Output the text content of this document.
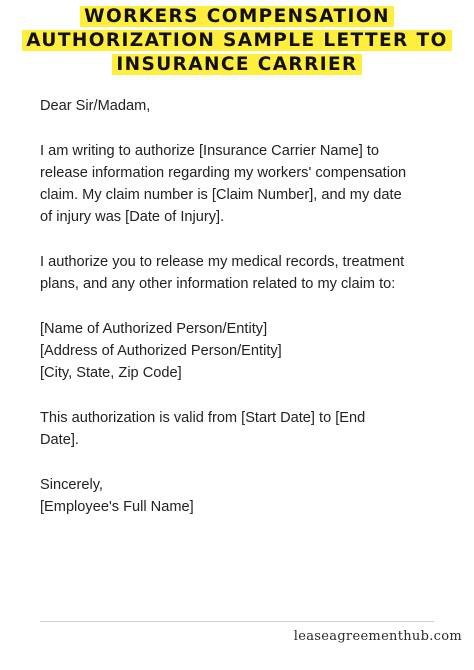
WORKERS COMPENSATION
AUTHORIZATION SAMPLE LETTER TO
INSURANCE CARRIER

Dear Sir/Madam,

I am writing to authorize [Insurance Carrier Name] to
release information regarding my workers' compensation
claim. My claim number is [Claim Number], and my date
of injury was [Date of Injury].

I authorize you to release my medical records, treatment
plans, and any other information related to my claim to:

[Name of Authorized Person/Entity]
[Address of Authorized Person/Entity]
[City, State, Zip Code]

This authorization is valid from [Start Date] to [End
Date].

Sincerely,
[Employee's Full Name]

leaseagreementhub.com
